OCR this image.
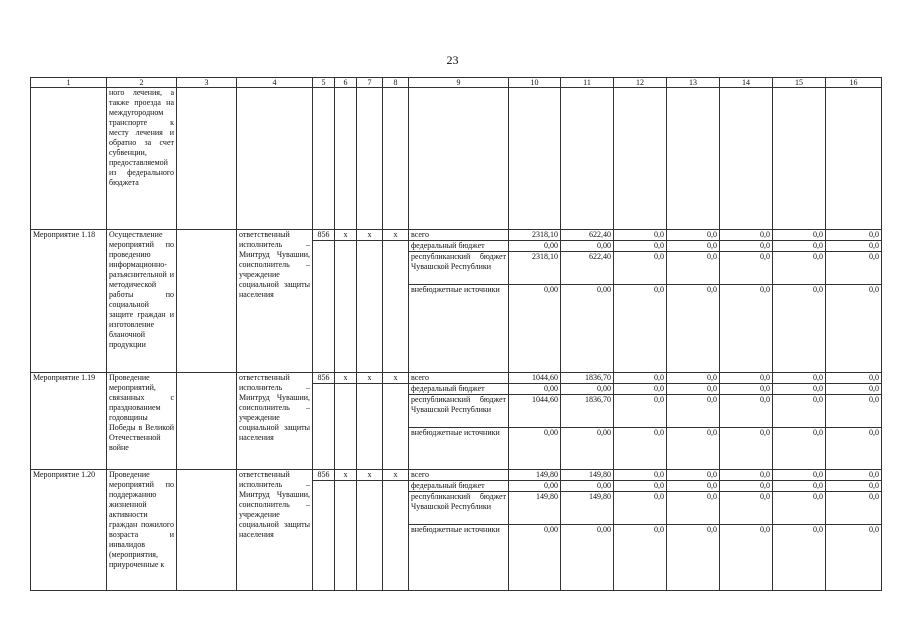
23
1	2	3	4	5	6	7	8	9	10	11	12	13	14	15	16
	ного лечения, а также проезда на междугородном транспорте к месту лечения и обратно за счет субвенции, предоставляемой из федерального бюджета														
Мероприятие 1.18	Осуществление мероприятий по проведению информационно-разъяснительной и методической работы по социальной защите граждан и изготовление бланочной продукции		ответственный исполнитель – Минтруд Чувашии, соисполнитель – учреждение социальной защиты населения	856	х	х	х	всего	2318,10	622,40	0,0	0,0	0,0	0,0	0,0
								федеральный бюджет	0,00	0,00	0,0	0,0	0,0	0,0	0,0
								республиканский бюджет Чувашской Республики	2318,10	622,40	0,0	0,0	0,0	0,0	0,0
								внебюджетные источники	0,00	0,00	0,0	0,0	0,0	0,0	0,0
Мероприятие 1.19	Проведение мероприятий, связанных с празднованием годовщины Победы в Великой Отечественной войне		ответственный исполнитель – Минтруд Чувашии, соисполнитель – учреждение социальной защиты населения	856	х	х	х	всего	1044,60	1836,70	0,0	0,0	0,0	0,0	0,0
								федеральный бюджет	0,00	0,00	0,0	0,0	0,0	0,0	0,0
								республиканский бюджет Чувашской Республики	1044,60	1836,70	0,0	0,0	0,0	0,0	0,0
								внебюджетные источники	0,00	0,00	0,0	0,0	0,0	0,0	0,0
Мероприятие 1.20	Проведение мероприятий по поддержанию жизненной активности граждан пожилого возраста и инвалидов (мероприятия, приуроченные к		ответственный исполнитель – Минтруд Чувашии, соисполнитель – учреждение социальной защиты населения	856	х	х	х	всего	149,80	149,80	0,0	0,0	0,0	0,0	0,0
								федеральный бюджет	0,00	0,00	0,0	0,0	0,0	0,0	0,0
								республиканский бюджет Чувашской Республики	149,80	149,80	0,0	0,0	0,0	0,0	0,0
								внебюджетные источники	0,00	0,00	0,0	0,0	0,0	0,0	0,0
